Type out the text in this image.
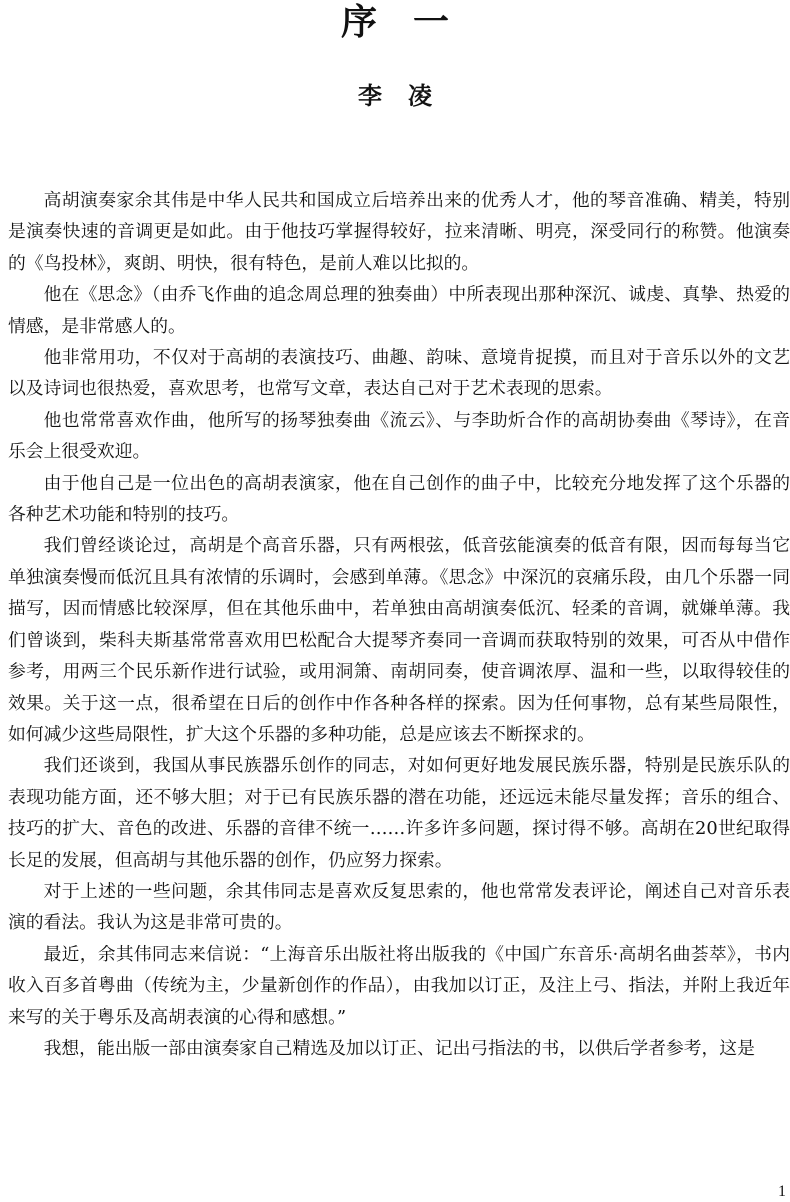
序一
李凌

高胡演奏家余其伟是中华人民共和国成立后培养出来的优秀人才，他的琴音准确、精美，特别是演奏快速的音调更是如此。由于他技巧掌握得较好，拉来清晰、明亮，深受同行的称赞。他演奏的《鸟投林》，爽朗、明快，很有特色，是前人难以比拟的。

他在《思念》（由乔飞作曲的追念周总理的独奏曲）中所表现出那种深沉、诚虔、真挚、热爱的情感，是非常感人的。

他非常用功，不仅对于高胡的表演技巧、曲趣、韵味、意境肯捉摸，而且对于音乐以外的文艺以及诗词也很热爱，喜欢思考，也常写文章，表达自己对于艺术表现的思索。

他也常常喜欢作曲，他所写的扬琴独奏曲《流云》、与李助炘合作的高胡协奏曲《琴诗》，在音乐会上很受欢迎。

由于他自己是一位出色的高胡表演家，他在自己创作的曲子中，比较充分地发挥了这个乐器的各种艺术功能和特别的技巧。

我们曾经谈论过，高胡是个高音乐器，只有两根弦，低音弦能演奏的低音有限，因而每每当它单独演奏慢而低沉且具有浓情的乐调时，会感到单薄。《思念》中深沉的哀痛乐段，由几个乐器一同描写，因而情感比较深厚，但在其他乐曲中，若单独由高胡演奏低沉、轻柔的音调，就嫌单薄。我们曾谈到，柴科夫斯基常常喜欢用巴松配合大提琴齐奏同一音调而获取特别的效果，可否从中借作参考，用两三个民乐新作进行试验，或用洞箫、南胡同奏，使音调浓厚、温和一些，以取得较佳的效果。关于这一点，很希望在日后的创作中作各种各样的探索。因为任何事物，总有某些局限性，如何减少这些局限性，扩大这个乐器的多种功能，总是应该去不断探求的。

我们还谈到，我国从事民族器乐创作的同志，对如何更好地发展民族乐器，特别是民族乐队的表现功能方面，还不够大胆；对于已有民族乐器的潜在功能，还远远未能尽量发挥；音乐的组合、技巧的扩大、音色的改进、乐器的音律不统一……许多许多问题，探讨得不够。高胡在20世纪取得长足的发展，但高胡与其他乐器的创作，仍应努力探索。

对于上述的一些问题，余其伟同志是喜欢反复思索的，他也常常发表评论，阐述自己对音乐表演的看法。我认为这是非常可贵的。

最近，余其伟同志来信说：“上海音乐出版社将出版我的《中国广东音乐·高胡名曲荟萃》，书内收入百多首粤曲（传统为主，少量新创作的作品），由我加以订正，及注上弓、指法，并附上我近年来写的关于粤乐及高胡表演的心得和感想。”

我想，能出版一部由演奏家自己精选及加以订正、记出弓指法的书，以供后学者参考，这是

1
